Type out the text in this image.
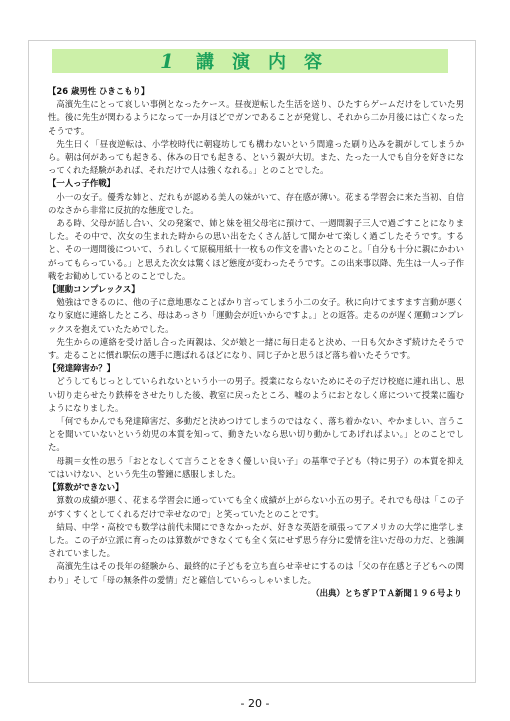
1 講演内容

【26 歳男性 ひきこもり】

高濱先生にとって哀しい事例となったケース。昼夜逆転した生活を送り、ひたすらゲームだけをしていた男性。後に先生が関わるようになって一か月ほどでガンであることが発覚し、それから二か月後には亡くなったそうです。

先生曰く「昼夜逆転は、小学校時代に朝寝坊しても構わないという間違った刷り込みを親がしてしまうから。朝は何があっても起きる、休みの日でも起きる、という親が大切。また、たった一人でも自分を好きになってくれた経験があれば、それだけで人は強くなれる。」とのことでした。

【一人っ子作戦】

小一の女子。優秀な姉と、だれもが認める美人の妹がいて、存在感が薄い。花まる学習会に来た当初、自信のなさから非常に反抗的な態度でした。

ある時、父母が話し合い、父の発案で、姉と妹を祖父母宅に預けて、一週間親子三人で過ごすことになりました。その中で、次女の生まれた時からの思い出をたくさん話して聞かせて楽しく過ごしたそうです。すると、その一週間後について、うれしくて原稿用紙十一枚もの作文を書いたとのこと。「自分も十分に親にかわいがってもらっている。」と思えた次女は驚くほど態度が変わったそうです。この出来事以降、先生は一人っ子作戦をお勧めしているとのことでした。

【運動コンプレックス】

勉強はできるのに、他の子に意地悪なことばかり言ってしまう小二の女子。秋に向けてますます言動が悪くなり家庭に連絡したところ、母はあっさり「運動会が近いからですよ。」との返答。走るのが遅く運動コンプレックスを抱えていたためでした。

先生からの連絡を受け話し合った両親は、父が娘と一緒に毎日走ると決め、一日も欠かさず続けたそうです。走ることに慣れ駅伝の選手に選ばれるほどになり、同じ子かと思うほど落ち着いたそうです。

【発達障害か？】

どうしてもじっとしていられないという小一の男子。授業にならないためにその子だけ校庭に連れ出し、思い切り走らせたり鉄棒をさせたりした後、教室に戻ったところ、嘘のようにおとなしく席について授業に臨むようになりました。

「何でもかんでも発達障害だ、多動だと決めつけてしまうのではなく、落ち着かない、やかましい、言うことを聞いていないという幼児の本質を知って、動きたいなら思い切り動かしてあげればよい。」とのことでした。

母親＝女性の思う「おとなしくて言うことをきく優しい良い子」の基準で子ども（特に男子）の本質を抑えてはいけない、という先生の警鐘に感服しました。

【算数ができない】

算数の成績が悪く、花まる学習会に通っていても全く成績が上がらない小五の男子。それでも母は「この子がすくすくとしてくれるだけで幸せなので」と笑っていたとのことです。

結局、中学・高校でも数学は前代未聞にできなかったが、好きな英語を頑張ってアメリカの大学に進学しました。この子が立派に育ったのは算数ができなくても全く気にせず思う存分に愛情を注いだ母の力だ、と強調されていました。

高濱先生はその長年の経験から、最終的に子どもを立ち直らせ幸せにするのは「父の存在感と子どもへの関わり」そして「母の無条件の愛情」だと確信していらっしゃいました。

（出典）とちぎＰＴＡ新聞１９６号より

- 20 -
